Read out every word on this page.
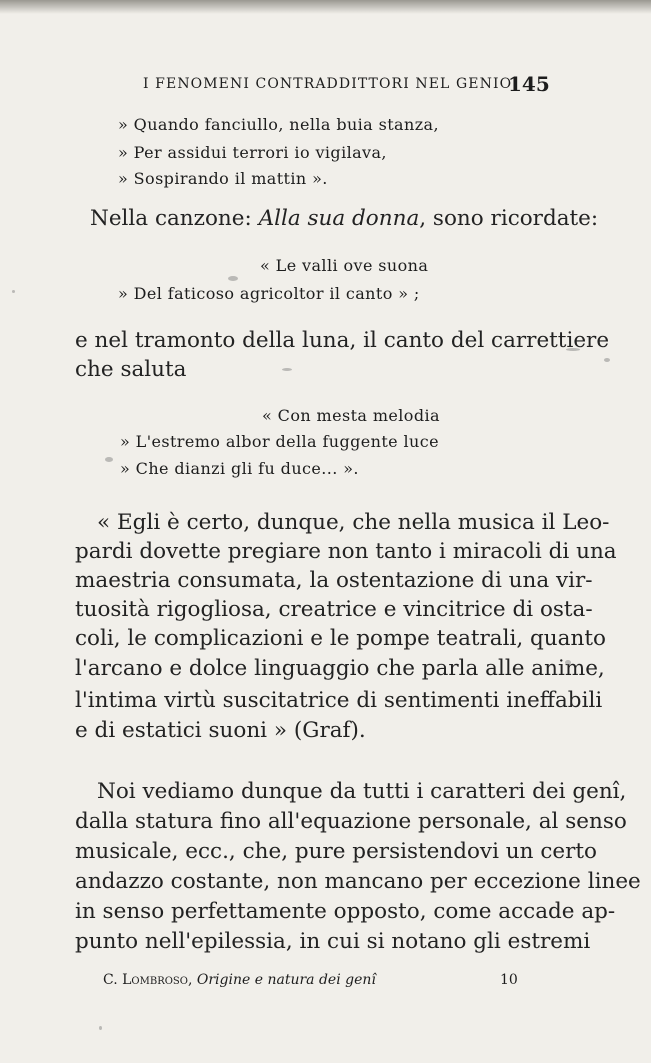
I FENOMENI CONTRADDITTORI NEL GENIO
145
» Quando fanciullo, nella buia stanza,
» Per assidui terrori io vigilava,
» Sospirando il mattin ».
Nella canzone: Alla sua donna, sono ricordate:
« Le valli ove suona
» Del faticoso agricoltor il canto » ;
e nel tramonto della luna, il canto del carrettiere
che saluta
« Con mesta melodia
» L'estremo albor della fuggente luce
» Che dianzi gli fu duce... ».
« Egli è certo, dunque, che nella musica il Leo-
pardi dovette pregiare non tanto i miracoli di una
maestria consumata, la ostentazione di una vir-
tuosità rigogliosa, creatrice e vincitrice di osta-
coli, le complicazioni e le pompe teatrali, quanto
l'arcano e dolce linguaggio che parla alle anime,
l'intima virtù suscitatrice di sentimenti ineffabili
e di estatici suoni » (Graf).
Noi vediamo dunque da tutti i caratteri dei genî,
dalla statura fino all'equazione personale, al senso
musicale, ecc., che, pure persistendovi un certo
andazzo costante, non mancano per eccezione linee
in senso perfettamente opposto, come accade ap-
punto nell'epilessia, in cui si notano gli estremi
C. Lombroso, Origine e natura dei genî	10
